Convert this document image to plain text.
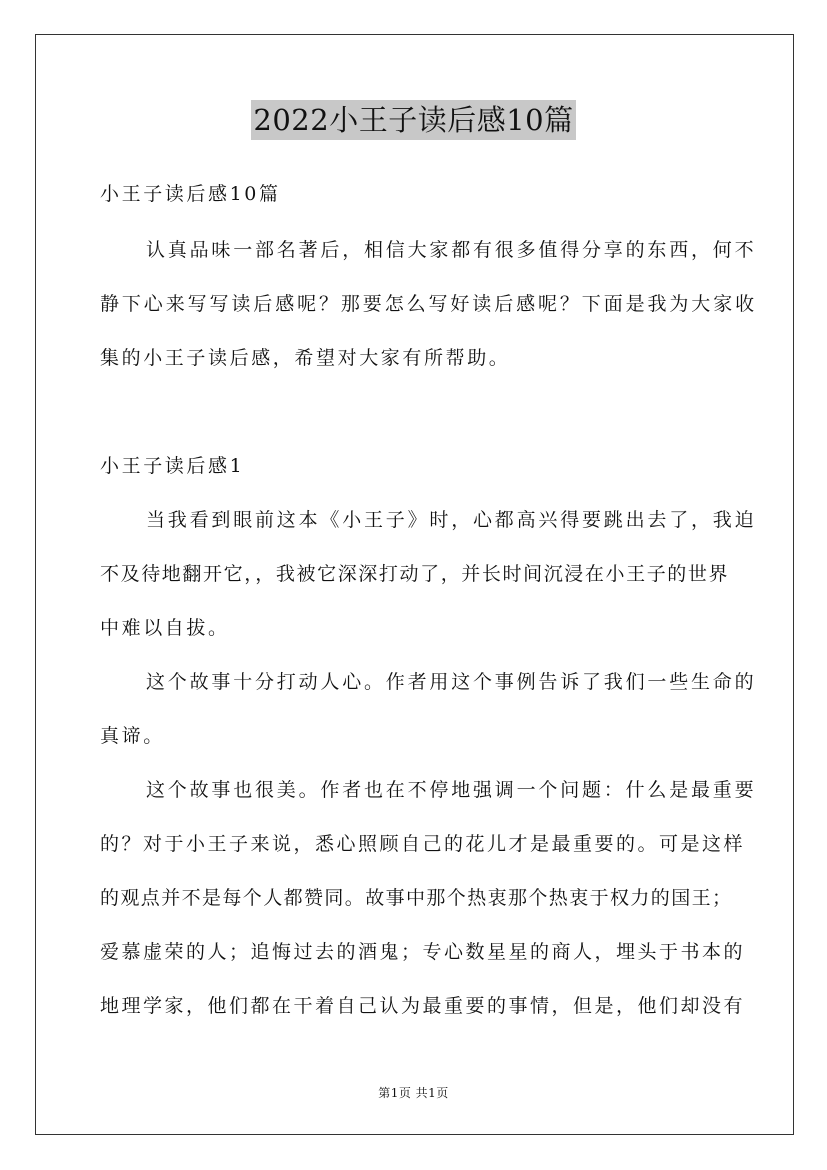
2022小王子读后感10篇
小王子读后感10篇
认真品味一部名著后，相信大家都有很多值得分享的东西，何不
静下心来写写读后感呢？那要怎么写好读后感呢？下面是我为大家收
集的小王子读后感，希望对大家有所帮助。
小王子读后感1
当我看到眼前这本《小王子》时，心都高兴得要跳出去了，我迫
不及待地翻开它，，我被它深深打动了，并长时间沉浸在小王子的世界
中难以自拔。
这个故事十分打动人心。作者用这个事例告诉了我们一些生命的
真谛。
这个故事也很美。作者也在不停地强调一个问题：什么是最重要
的？对于小王子来说，悉心照顾自己的花儿才是最重要的。可是这样
的观点并不是每个人都赞同。故事中那个热衷那个热衷于权力的国王；
爱慕虚荣的人；追悔过去的酒鬼；专心数星星的商人，埋头于书本的
地理学家，他们都在干着自己认为最重要的事情，但是，他们却没有
第1页 共1页
